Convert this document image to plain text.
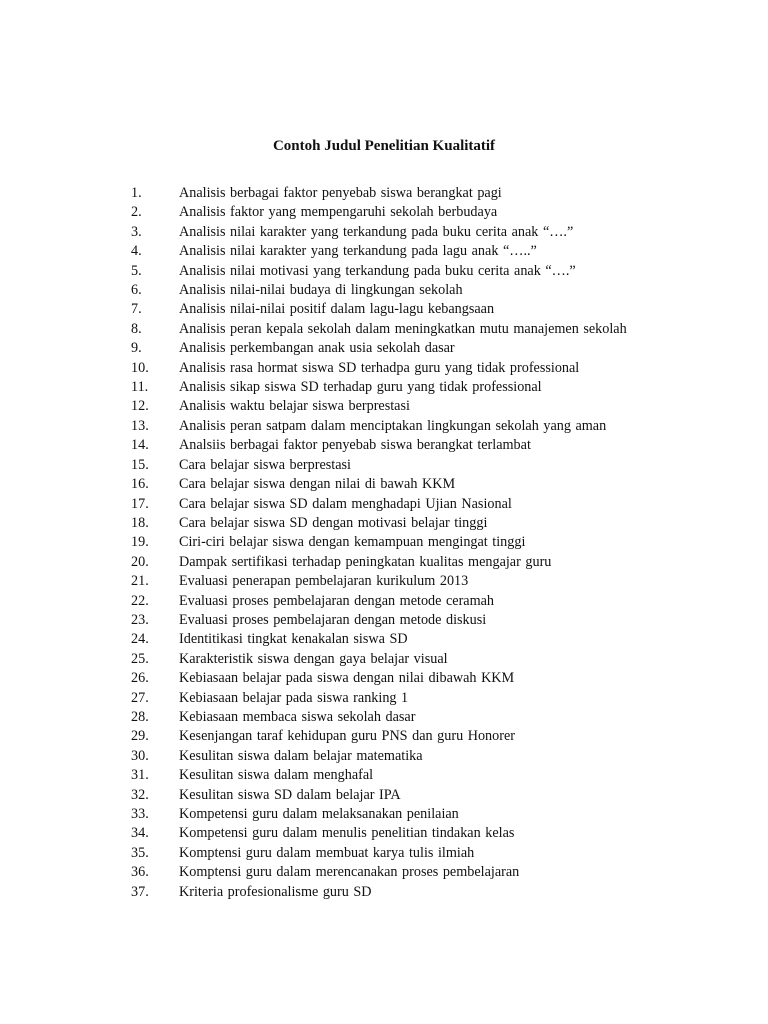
Contoh Judul Penelitian Kualitatif
1.	Analisis berbagai faktor penyebab siswa berangkat pagi
2.	Analisis faktor yang mempengaruhi sekolah berbudaya
3.	Analisis nilai karakter yang terkandung pada buku cerita anak “….”
4.	Analisis nilai karakter yang terkandung pada lagu anak “…..”
5.	Analisis nilai motivasi yang terkandung pada buku cerita anak “….”
6.	Analisis nilai-nilai budaya di lingkungan sekolah
7.	Analisis nilai-nilai positif dalam lagu-lagu kebangsaan
8.	Analisis peran kepala sekolah dalam meningkatkan mutu manajemen sekolah
9.	Analisis perkembangan anak usia sekolah dasar
10. Analisis rasa hormat siswa SD terhadpa guru yang tidak professional
11. Analisis sikap siswa SD terhadap guru yang tidak professional
12. Analisis waktu belajar siswa berprestasi
13. Analisis peran satpam dalam menciptakan lingkungan sekolah yang aman
14. Analsiis berbagai faktor penyebab siswa berangkat terlambat
15. Cara belajar siswa berprestasi
16. Cara belajar siswa dengan nilai di bawah KKM
17. Cara belajar siswa SD dalam menghadapi Ujian Nasional
18. Cara belajar siswa SD dengan motivasi belajar tinggi
19. Ciri-ciri belajar siswa dengan kemampuan mengingat tinggi
20. Dampak sertifikasi terhadap peningkatan kualitas mengajar guru
21. Evaluasi penerapan pembelajaran kurikulum 2013
22. Evaluasi proses pembelajaran dengan metode ceramah
23. Evaluasi proses pembelajaran dengan metode diskusi
24. Identitikasi tingkat kenakalan siswa SD
25. Karakteristik siswa dengan gaya belajar visual
26. Kebiasaan belajar pada siswa dengan nilai dibawah KKM
27. Kebiasaan belajar pada siswa ranking 1
28. Kebiasaan membaca siswa sekolah dasar
29. Kesenjangan taraf kehidupan guru PNS dan guru Honorer
30. Kesulitan siswa dalam belajar matematika
31. Kesulitan siswa dalam menghafal
32. Kesulitan siswa SD dalam belajar IPA
33. Kompetensi guru dalam melaksanakan penilaian
34. Kompetensi guru dalam menulis penelitian tindakan kelas
35. Komptensi guru dalam membuat karya tulis ilmiah
36. Komptensi guru dalam merencanakan proses pembelajaran
37. Kriteria profesionalisme guru SD
